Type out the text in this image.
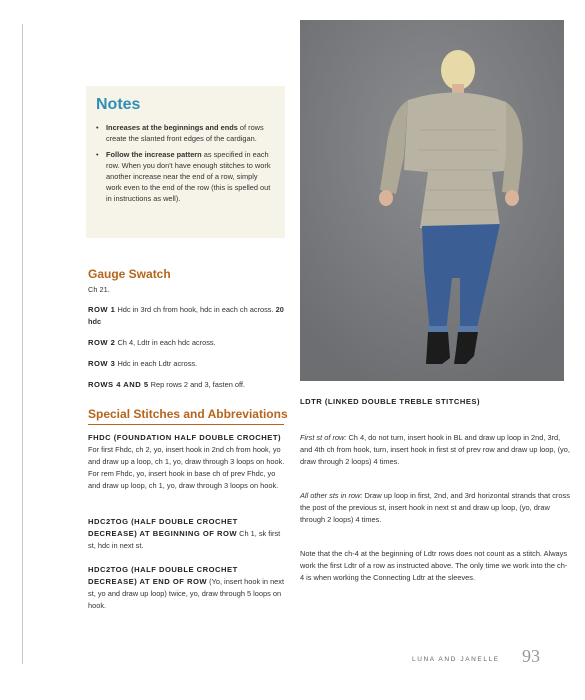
Notes
• Increases at the beginnings and ends of rows create the slanted front edges of the cardigan.
• Follow the increase pattern as specified in each row. When you don't have enough stitches to work another increase near the end of a row, simply work even to the end of the row (this is spelled out in instructions as well).
Gauge Swatch

Ch 21.

ROW 1 Hdc in 3rd ch from hook, hdc in each ch across. 20 hdc

ROW 2 Ch 4, Ldtr in each hdc across.

ROW 3 Hdc in each Ldtr across.

ROWS 4 AND 5 Rep rows 2 and 3, fasten off.

Special Stitches and Abbreviations

FHDC (FOUNDATION HALF DOUBLE CROCHET) For first Fhdc, ch 2, yo, insert hook in 2nd ch from hook, yo and draw up a loop, ch 1, yo, draw through 3 loops on hook. For rem Fhdc, yo, insert hook in base ch of prev Fhdc, yo and draw up loop, ch 1, yo, draw through 3 loops on hook.

HDC2TOG (HALF DOUBLE CROCHET DECREASE) AT BEGINNING OF ROW Ch 1, sk first st, hdc in next st.

HDC2TOG (HALF DOUBLE CROCHET DECREASE) AT END OF ROW (Yo, insert hook in next st, yo and draw up loop) twice, yo, draw through 5 loops on hook.

LDTR (LINKED DOUBLE TREBLE STITCHES)

First st of row: Ch 4, do not turn, insert hook in BL and draw up loop in 2nd, 3rd, and 4th ch from hook, turn, insert hook in first st of prev row and draw up loop, (yo, draw through 2 loops) 4 times.

All other sts in row: Draw up loop in first, 2nd, and 3rd horizontal strands that cross the post of the previous st, insert hook in next st and draw up loop, (yo, draw through 2 loops) 4 times.

Note that the ch-4 at the beginning of Ldtr rows does not count as a stitch. Always work the first Ldtr of a row as instructed above. The only time we work into the ch-4 is when working the Connecting Ldtr at the sleeves.

LUNA AND JANELLE 93
